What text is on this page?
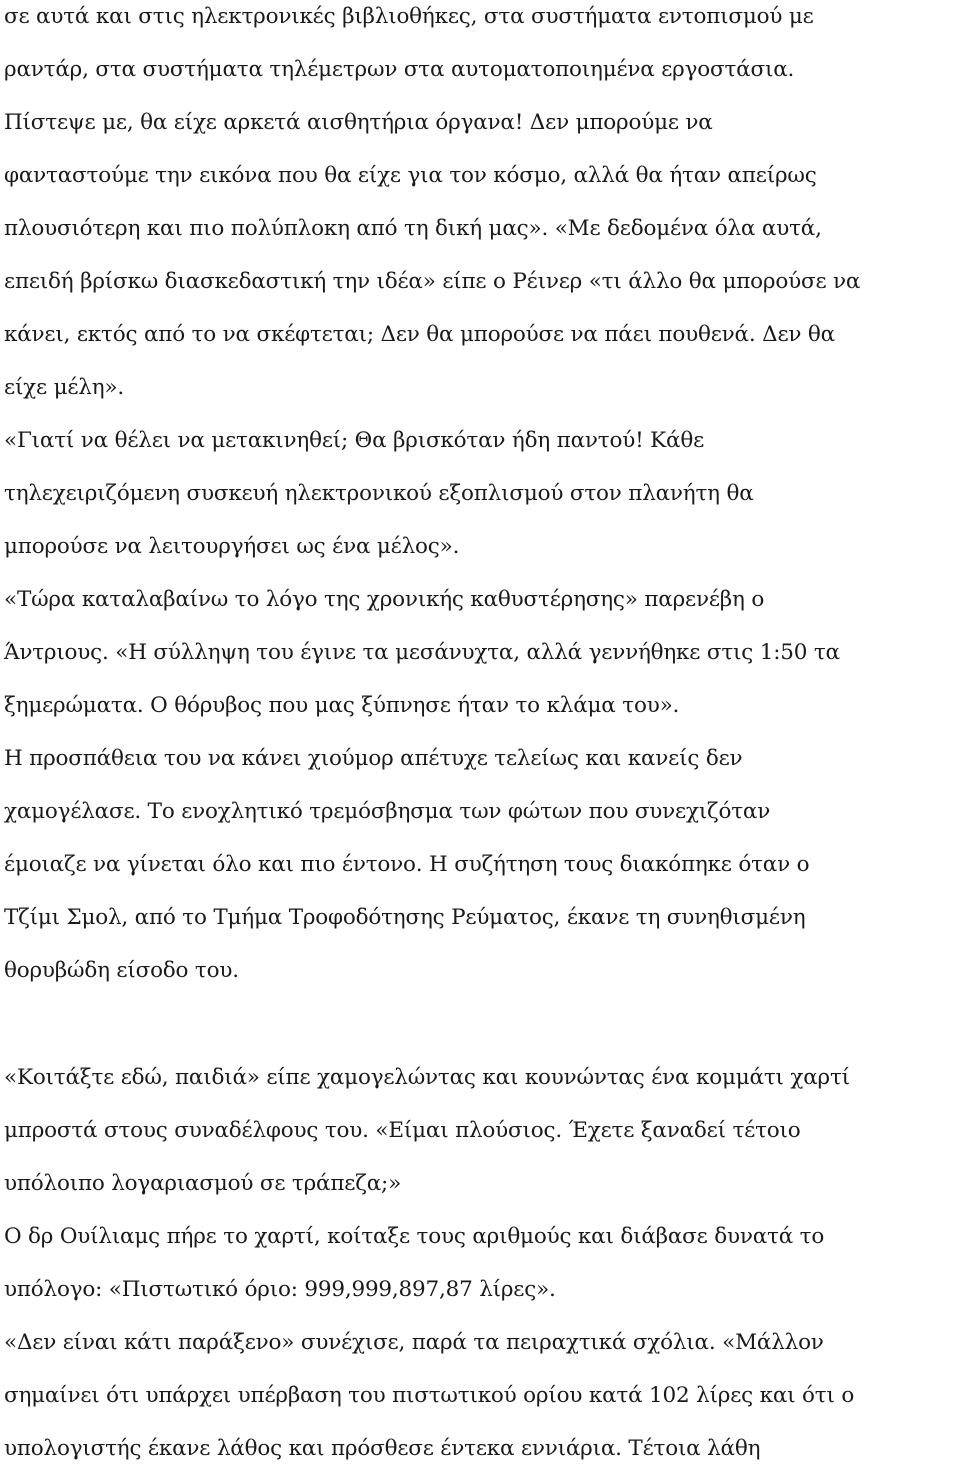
σε αυτά και στις ηλεκτρονικές βιβλιοθήκες, στα συστήματα εντοπισμού με
ραντάρ, στα συστήματα τηλέμετρων στα αυτοματοποιημένα εργοστάσια.
Πίστεψε με, θα είχε αρκετά αισθητήρια όργανα! Δεν μπορούμε να
φανταστούμε την εικόνα που θα είχε για τον κόσμο, αλλά θα ήταν απείρως
πλουσιότερη και πιο πολύπλοκη από τη δική μας». «Με δεδομένα όλα αυτά,
επειδή βρίσκω διασκεδαστική την ιδέα» είπε ο Ρέινερ «τι άλλο θα μπορούσε να
κάνει, εκτός από το να σκέφτεται; Δεν θα μπορούσε να πάει πουθενά. Δεν θα
είχε μέλη».
«Γιατί να θέλει να μετακινηθεί; Θα βρισκόταν ήδη παντού! Κάθε
τηλεχειριζόμενη συσκευή ηλεκτρονικού εξοπλισμού στον πλανήτη θα
μπορούσε να λειτουργήσει ως ένα μέλος».
«Τώρα καταλαβαίνω το λόγο της χρονικής καθυστέρησης» παρενέβη ο
Άντριους. «Η σύλληψη του έγινε τα μεσάνυχτα, αλλά γεννήθηκε στις 1:50 τα
ξημερώματα. Ο θόρυβος που μας ξύπνησε ήταν το κλάμα του».
Η προσπάθεια του να κάνει χιούμορ απέτυχε τελείως και κανείς δεν
χαμογέλασε. Το ενοχλητικό τρεμόσβησμα των φώτων που συνεχιζόταν
έμοιαζε να γίνεται όλο και πιο έντονο. Η συζήτηση τους διακόπηκε όταν ο
Τζίμι Σμολ, από το Τμήμα Τροφοδότησης Ρεύματος, έκανε τη συνηθισμένη
θορυβώδη είσοδο του.
«Κοιτάξτε εδώ, παιδιά» είπε χαμογελώντας και κουνώντας ένα κομμάτι χαρτί
μπροστά στους συναδέλφους του. «Είμαι πλούσιος. Έχετε ξαναδεί τέτοιο
υπόλοιπο λογαριασμού σε τράπεζα;»
Ο δρ Ουίλιαμς πήρε το χαρτί, κοίταξε τους αριθμούς και διάβασε δυνατά το
υπόλογο: «Πιστωτικό όριο: 999,999,897,87 λίρες».
«Δεν είναι κάτι παράξενο» συνέχισε, παρά τα πειραχτικά σχόλια. «Μάλλον
σημαίνει ότι υπάρχει υπέρβαση του πιστωτικού ορίου κατά 102 λίρες και ότι ο
υπολογιστής έκανε λάθος και πρόσθεσε έντεκα εννιάρια. Τέτοια λάθη
